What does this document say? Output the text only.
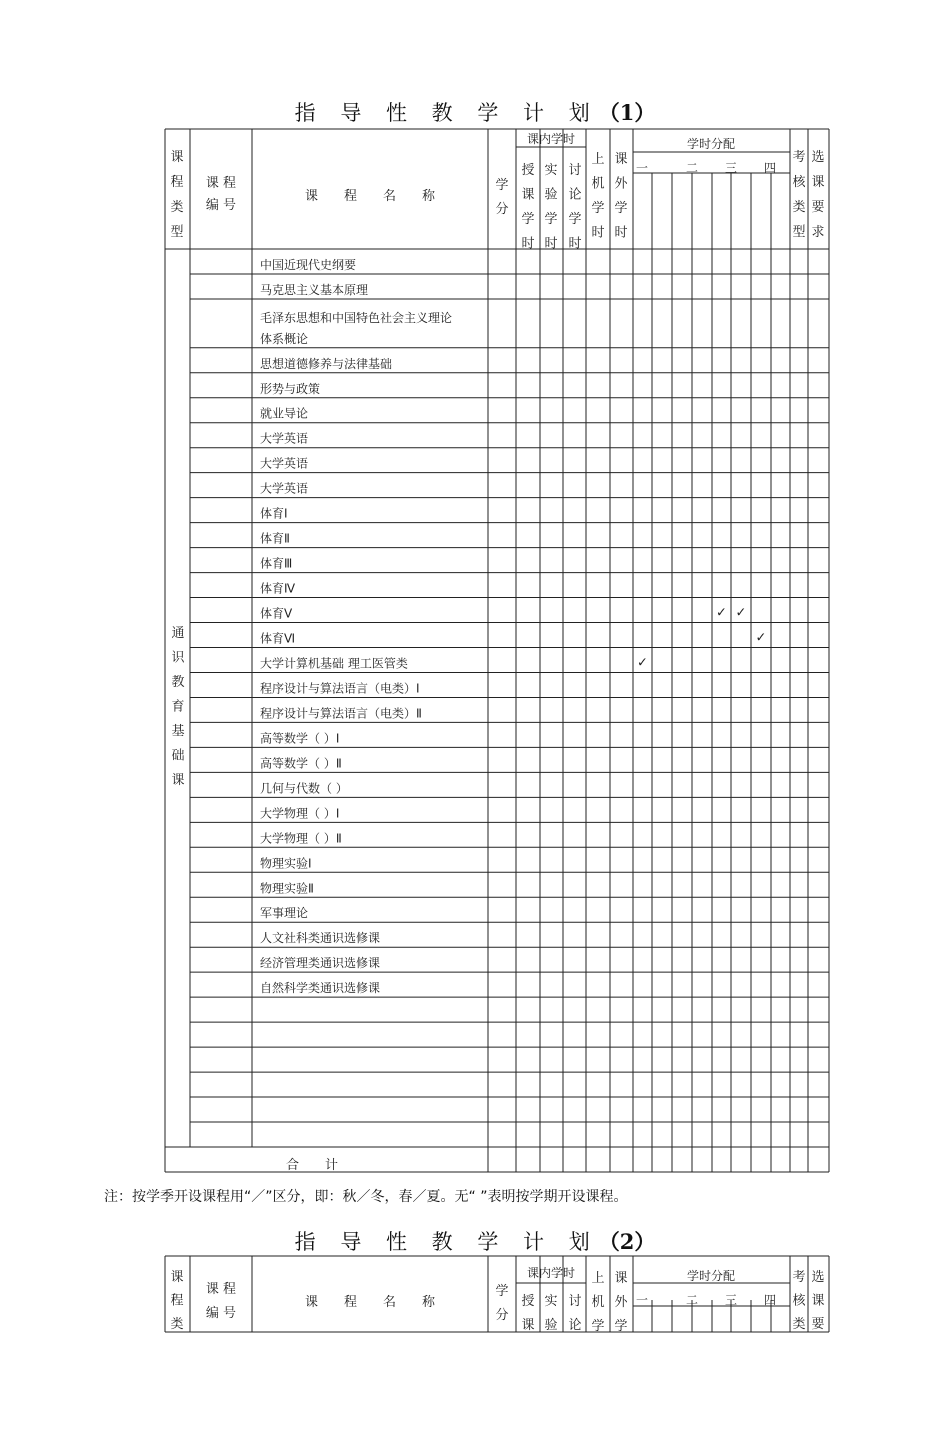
指 导 性 教 学 计 划（1）
课
程
类
型
课 程
编 号
课　　程　　名　　称
学
分
课内学时
授
课
学
时
实
验
学
时
讨
论
学
时
上
机
学
时
课
外
学
时
学时分配
一	二 三 四
考
核
类
型
选
课
要
求
通
识
教
育
基
础
课
中国近现代史纲要
马克思主义基本原理
毛泽东思想和中国特色社会主义理论
体系概论
思想道德修养与法律基础
形势与政策
就业导论
大学英语
大学英语
大学英语
体育Ⅰ
体育Ⅱ
体育Ⅲ
体育Ⅳ
体育Ⅴ
体育Ⅵ
大学计算机基础 理工医管类
程序设计与算法语言（电类）Ⅰ
程序设计与算法语言（电类）Ⅱ
高等数学（ ）Ⅰ
高等数学（ ）Ⅱ
几何与代数（ ）
大学物理（ ）Ⅰ
大学物理（ ）Ⅱ
物理实验Ⅰ
物理实验Ⅱ
军事理论
人文社科类通识选修课
经济管理类通识选修课
自然科学类通识选修课
合　　计
✓ ✓
✓
✓
课
程
类
课 程
编 号
课　　程　　名　　称
学
分
课内学时
授
课
实
验
讨
论
上
机
学
课
外
学
学时分配
一	二 三 四
考
核
类
选
课
要
注：按学季开设课程用“／”区分，即：秋／冬，春／夏。无“ ”表明按学期开设课程。
指 导 性 教 学 计 划（2）
